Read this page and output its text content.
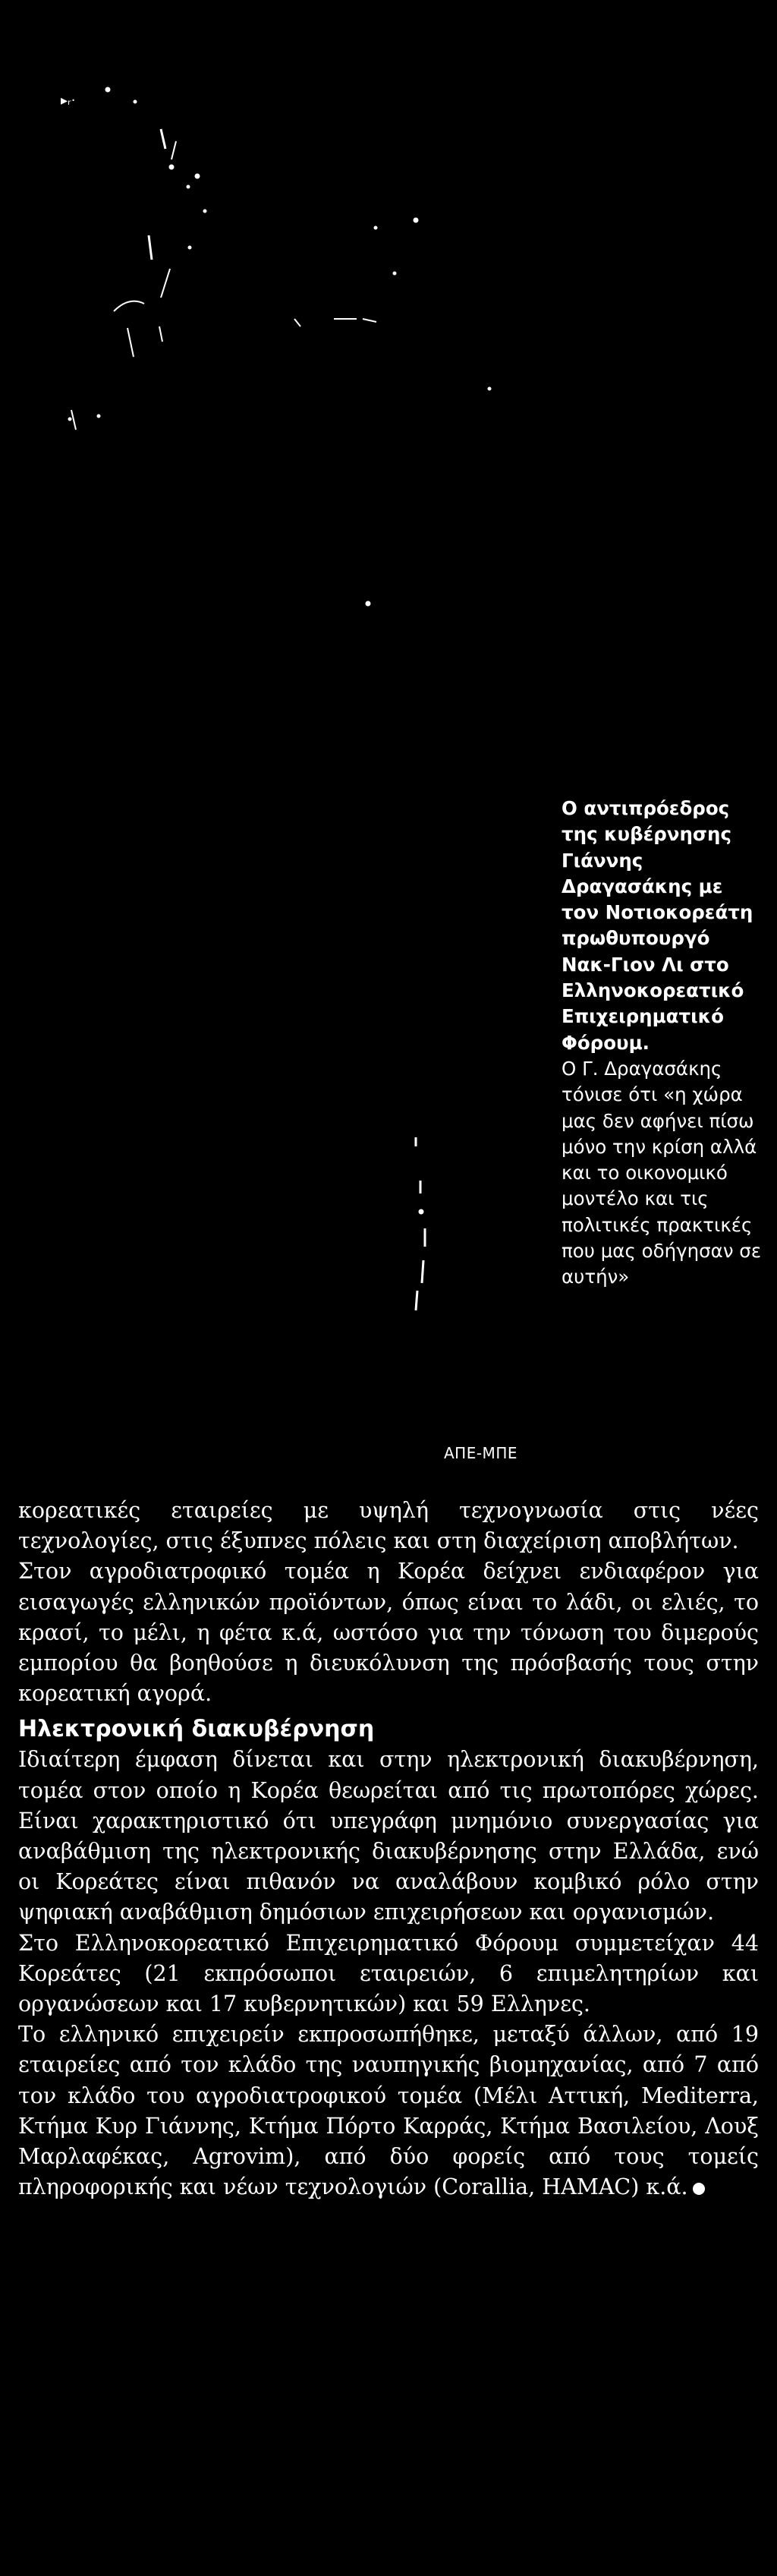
▸ᵣ·
ΑΠΕ-ΜΠΕ
Ο αντιπρόεδρος της κυβέρνησης Γιάννης Δραγασάκης με τον Νοτιοκορεάτη πρωθυπουργό Νακ-Γιον Λι στο Ελληνοκορεατικό Επιχειρηματικό Φόρουμ.
Ο Γ. Δραγασάκης τόνισε ότι «η χώρα μας δεν αφήνει πίσω μόνο την κρίση αλλά και το οικονομικό μοντέλο και τις πολιτικές πρακτικές που μας οδήγησαν σε αυτήν»

κορεατικές εταιρείες με υψηλή τεχνογνωσία στις νέες τεχνολογίες, στις έξυπνες πόλεις και στη διαχείριση αποβλήτων.

Στον αγροδιατροφικό τομέα η Κορέα δείχνει ενδιαφέρον για εισαγωγές ελληνικών προϊόντων, όπως είναι το λάδι, οι ελιές, το κρασί, το μέλι, η φέτα κ.ά, ωστόσο για την τόνωση του διμερούς εμπορίου θα βοηθούσε η διευκόλυνση της πρόσβασής τους στην κορεατική αγορά.

Ηλεκτρονική διακυβέρνηση

Ιδιαίτερη έμφαση δίνεται και στην ηλεκτρονική διακυβέρνηση, τομέα στον οποίο η Κορέα θεωρείται από τις πρωτοπόρες χώρες. Είναι χαρακτηριστικό ότι υπεγράφη μνημόνιο συνεργασίας για αναβάθμιση της ηλεκτρονικής διακυβέρνησης στην Ελλάδα, ενώ οι Κορεάτες είναι πιθανόν να αναλάβουν κομβικό ρόλο στην ψηφιακή αναβάθμιση δημόσιων επιχειρήσεων και οργανισμών.

Στο Ελληνοκορεατικό Επιχειρηματικό Φόρουμ συμμετείχαν 44 Κορεάτες (21 εκπρόσωποι εταιρειών, 6 επιμελητηρίων και οργανώσεων και 17 κυβερνητικών) και 59 Ελληνες.

Το ελληνικό επιχειρείν εκπροσωπήθηκε, μεταξύ άλλων, από 19 εταιρείες από τον κλάδο της ναυπηγικής βιομηχανίας, από 7 από τον κλάδο του αγροδιατροφικού τομέα (Μέλι Αττική, Mediterra, Κτήμα Κυρ Γιάννης, Κτήμα Πόρτο Καρράς, Κτήμα Βασιλείου, Λουξ Μαρλαφέκας, Agrovim), από δύο φορείς από τους τομείς πληροφορικής και νέων τεχνολογιών (Corallia, HAMAC) κ.ά.
